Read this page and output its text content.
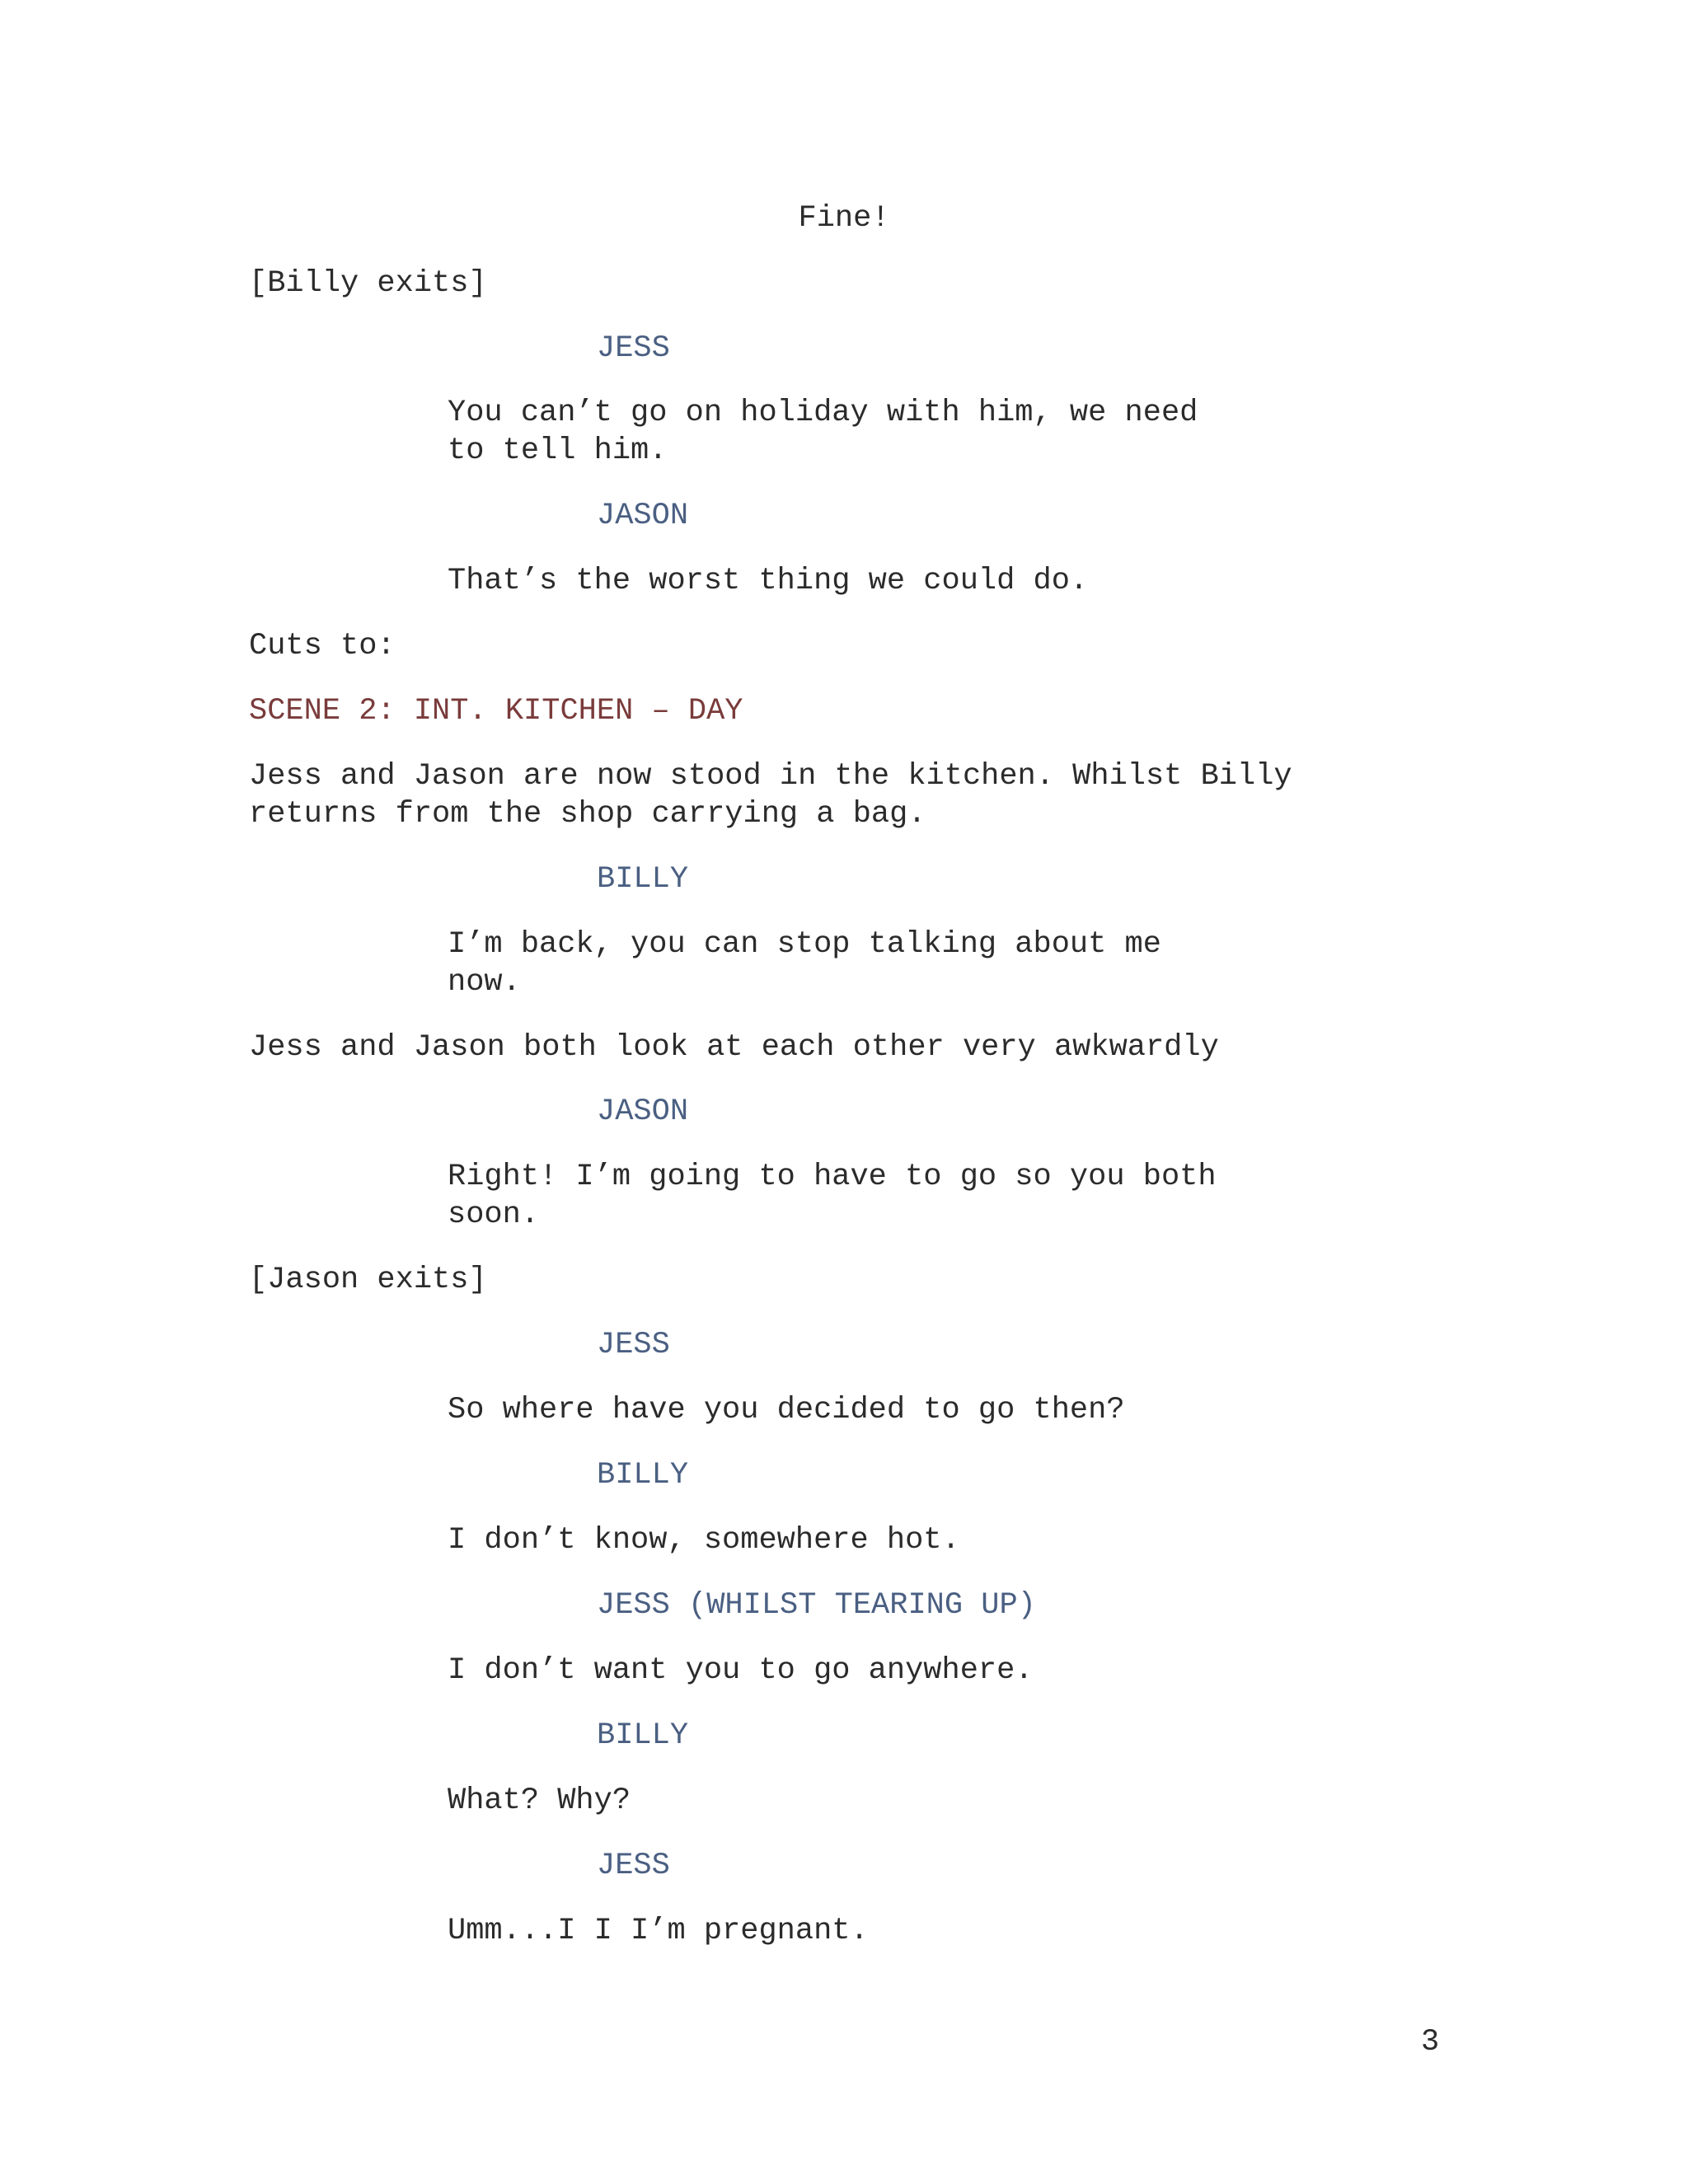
Fine!

[Billy exits]

JESS

You can’t go on holiday with him, we need

to tell him.

JASON

That’s the worst thing we could do.

Cuts to:

SCENE 2: INT. KITCHEN – DAY

Jess and Jason are now stood in the kitchen. Whilst Billy

returns from the shop carrying a bag.

BILLY

I’m back, you can stop talking about me

now.

Jess and Jason both look at each other very awkwardly

JASON

Right! I’m going to have to go so you both

soon.

[Jason exits]

JESS

So where have you decided to go then?

BILLY

I don’t know, somewhere hot.

JESS (WHILST TEARING UP)

I don’t want you to go anywhere.

BILLY

What? Why?

JESS

Umm...I I I’m pregnant.

3
